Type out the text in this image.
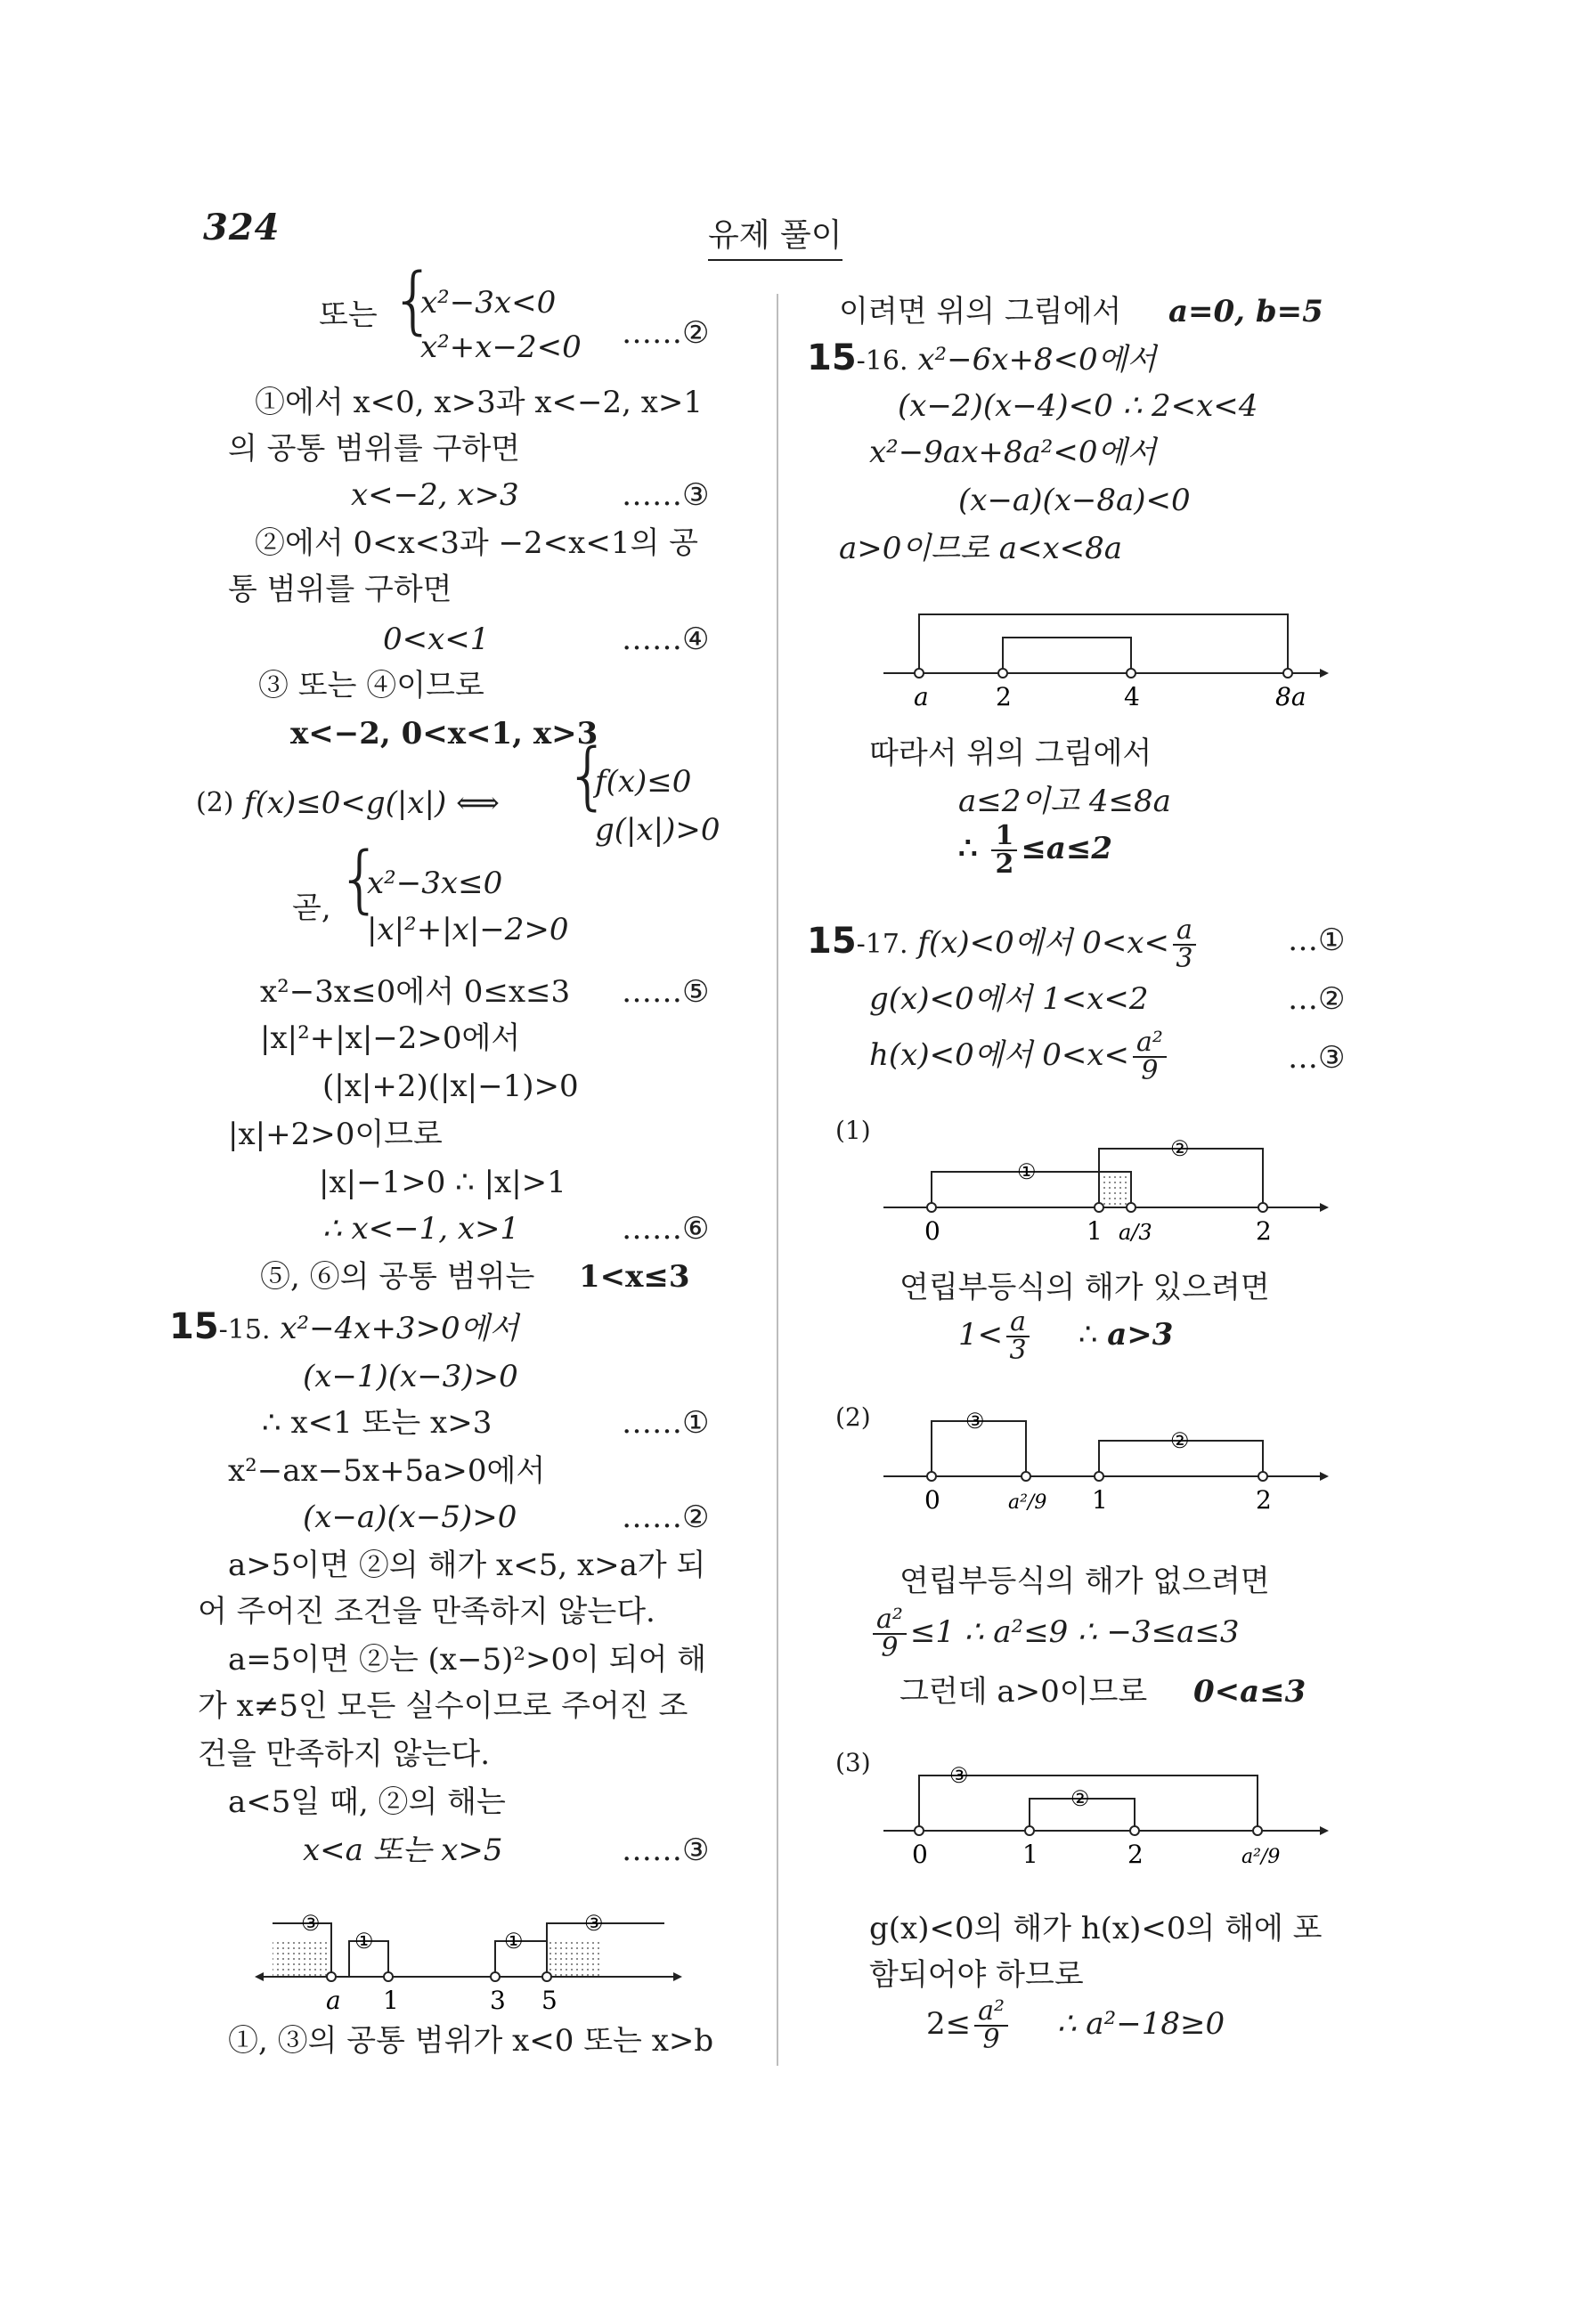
324	유제 풀이
또는 {
x²−3x<0
x²+x−2<0 ……②
①에서 x<0, x>3과 x<−2, x>1
의 공통 범위를 구하면
x<−2, x>3	……③
②에서 0<x<3과 −2<x<1의 공
통 범위를 구하면
0<x<1	……④
③ 또는 ④이므로
x<−2, 0<x<1, x>3
(2) f(x)≤0<g(|x|) ⟺ {
f(x)≤0
g(|x|)>0
곧, {
x²−3x≤0
|x|²+|x|−2>0
x²−3x≤0에서 0≤x≤3 ……⑤
|x|²+|x|−2>0에서
(|x|+2)(|x|−1)>0
|x|+2>0이므로
|x|−1>0 ∴ |x|>1
∴ x<−1, x>1	……⑥
⑤, ⑥의 공통 범위는 1<x≤3
15-15. x²−4x+3>0에서
(x−1)(x−3)>0
∴ x<1 또는 x>3	……①
x²−ax−5x+5a>0에서
(x−a)(x−5)>0	……②
a>5이면 ②의 해가 x<5, x>a가 되
어 주어진 조건을 만족하지 않는다.
a=5이면 ②는 (x−5)²>0이 되어 해
가 x≠5인 모든 실수이므로 주어진 조
건을 만족하지 않는다.
a<5일 때, ②의 해는
x<a 또는 x>5	……③
a 1	3 5
③
①	①
③
①, ③의 공통 범위가 x<0 또는 x>b
이려면 위의 그림에서 a=0, b=5
15-16. x²−6x+8<0에서
(x−2)(x−4)<0 ∴ 2<x<4
x²−9ax+8a²<0에서
(x−a)(x−8a)<0
a>0이므로 a<x<8a
a	2	4	8a
따라서 위의 그림에서
a≤2이고 4≤8a
∴ $\frac{1}{2} \le a\le 2$
15-17. f(x)<0에서 $0<x< \frac{a}{3}$	…①
g(x)<0에서 1<x<2	…②
h(x)<0에서 $0<x< \frac{\text{a²}}{9}$	…③
(1)
0	1 a/3	2
①
②
연립부등식의 해가 있으려면
$1< \frac{a}{3}$ ∴ a>3
(2)
0	a²/9 1	2
③
②
연립부등식의 해가 없으려면
$\frac{\text{a²}}{9} \le 1$ ∴ a²≤9 ∴ −3≤a≤3
그런데 a>0이므로 0<a≤3
(3)
0	1	2	a²/9
③
②
g(x)<0의 해가 h(x)<0의 해에 포
함되어야 하므로
$2\le \frac{\text{a²}}{9}$ ∴ a²−18≥0
